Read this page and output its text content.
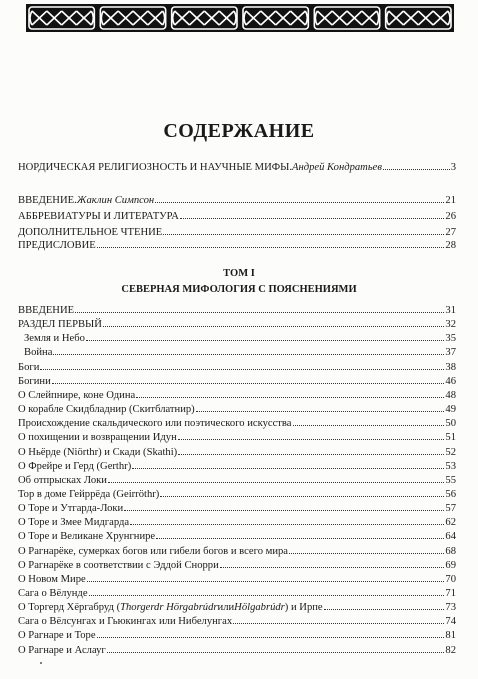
СОДЕРЖАНИЕ
НОРДИЧЕСКАЯ РЕЛИГИОЗНОСТЬ И НАУЧНЫЕ МИФЫ. Андрей Кондратьев	3
ВВЕДЕНИЕ. Жаклин Симпсон	21
АББРЕВИАТУРЫ И ЛИТЕРАТУРА	26
ДОПОЛНИТЕЛЬНОЕ ЧТЕНИЕ	27
ПРЕДИСЛОВИЕ	28
ТОМ I
СЕВЕРНАЯ МИФОЛОГИЯ С ПОЯСНЕНИЯМИ
ВВЕДЕНИЕ	31
РАЗДЕЛ ПЕРВЫЙ	32
Земля и Небо	35
Война	37
Боги	38
Богини	46
О Слейпнире, коне Одина	48
О корабле Скидбладнир (Скитблатнир)	49
Происхождение скальдического или поэтического искусства	50
О похищении и возвращении Идун	51
О Ньёрде (Niörthr) и Скади (Skathi)	52
О Фрейре и Герд (Gerthr)	53
Об отпрысках Локи	55
Тор в доме Гейррёда (Geirröthr)	56
О Торе и Утгарда-Локи	57
О Торе и Змее Мидгарда	62
О Торе и Великане Хрунгнире	64
О Рагнарёке, сумерках богов или гибели богов и всего мира	68
О Рагнарёке в соответствии с Эддой Снорри	69
О Новом Мире	70
Сага о Вёлунде	71
О Торгерд Хёргабруд ( Thorgerdr Hörgabrúdr или Hölgabrúdr ) и Ирпе	73
Сага о Вёлсунгах и Гьюкингах или Нибелунгах	74
О Рагнаре и Торе	81
О Рагнаре и Аслауг	82
